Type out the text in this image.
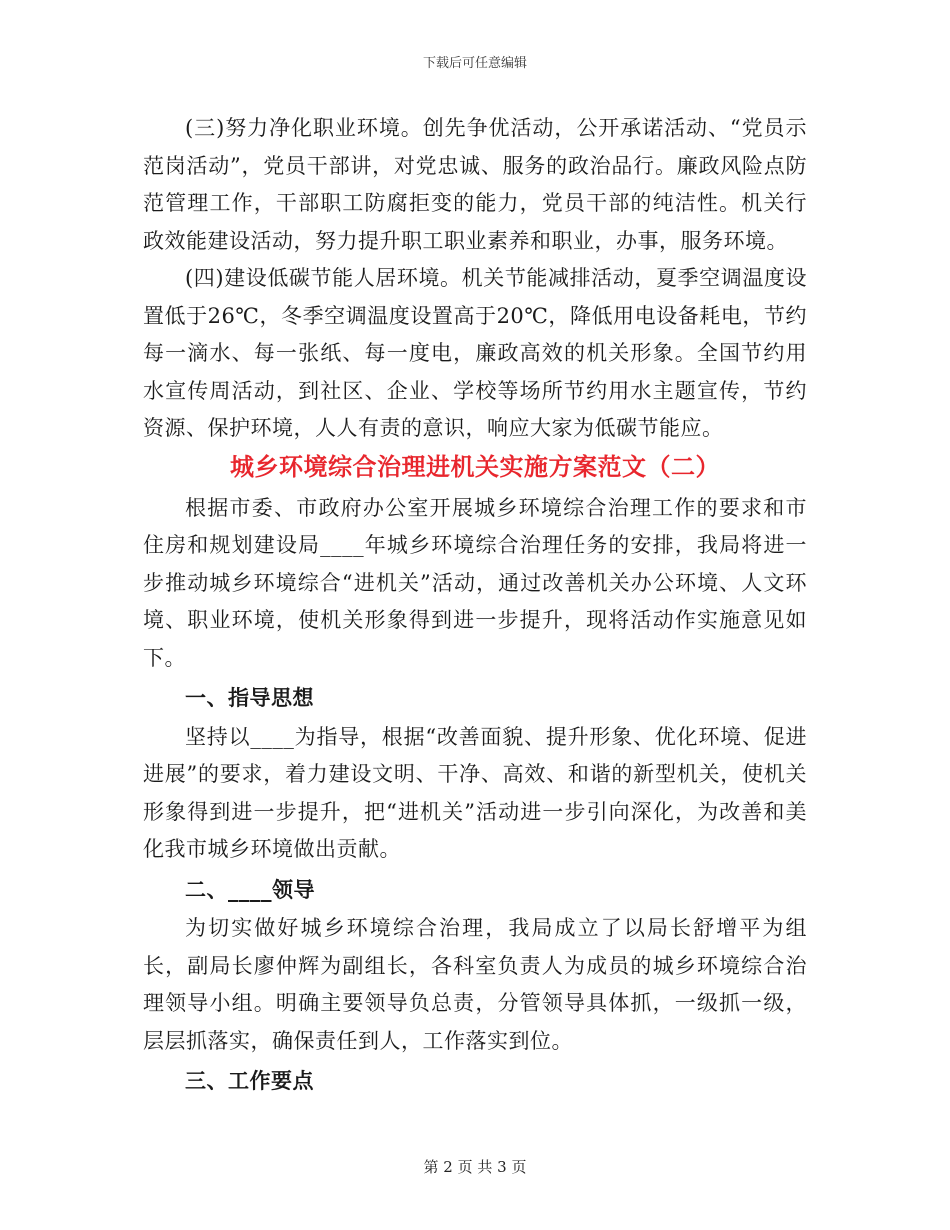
下载后可任意编辑

(三)努力净化职业环境。创先争优活动，公开承诺活动、“党员示范岗活动”，党员干部讲，对党忠诚、服务的政治品行。廉政风险点防范管理工作，干部职工防腐拒变的能力，党员干部的纯洁性。机关行政效能建设活动，努力提升职工职业素养和职业，办事，服务环境。

(四)建设低碳节能人居环境。机关节能减排活动，夏季空调温度设置低于26℃，冬季空调温度设置高于20℃，降低用电设备耗电，节约每一滴水、每一张纸、每一度电，廉政高效的机关形象。全国节约用水宣传周活动，到社区、企业、学校等场所节约用水主题宣传，节约资源、保护环境，人人有责的意识，响应大家为低碳节能应。

城乡环境综合治理进机关实施方案范文（二）

根据市委、市政府办公室开展城乡环境综合治理工作的要求和市住房和规划建设局____年城乡环境综合治理任务的安排，我局将进一步推动城乡环境综合“进机关”活动，通过改善机关办公环境、人文环境、职业环境，使机关形象得到进一步提升，现将活动作实施意见如下。

一、指导思想

坚持以____为指导，根据“改善面貌、提升形象、优化环境、促进进展”的要求，着力建设文明、干净、高效、和谐的新型机关，使机关形象得到进一步提升，把“进机关”活动进一步引向深化，为改善和美化我市城乡环境做出贡献。

二、____领导

为切实做好城乡环境综合治理，我局成立了以局长舒增平为组长，副局长廖仲辉为副组长，各科室负责人为成员的城乡环境综合治理领导小组。明确主要领导负总责，分管领导具体抓，一级抓一级，层层抓落实，确保责任到人，工作落实到位。

三、工作要点

第 2 页 共 3 页
